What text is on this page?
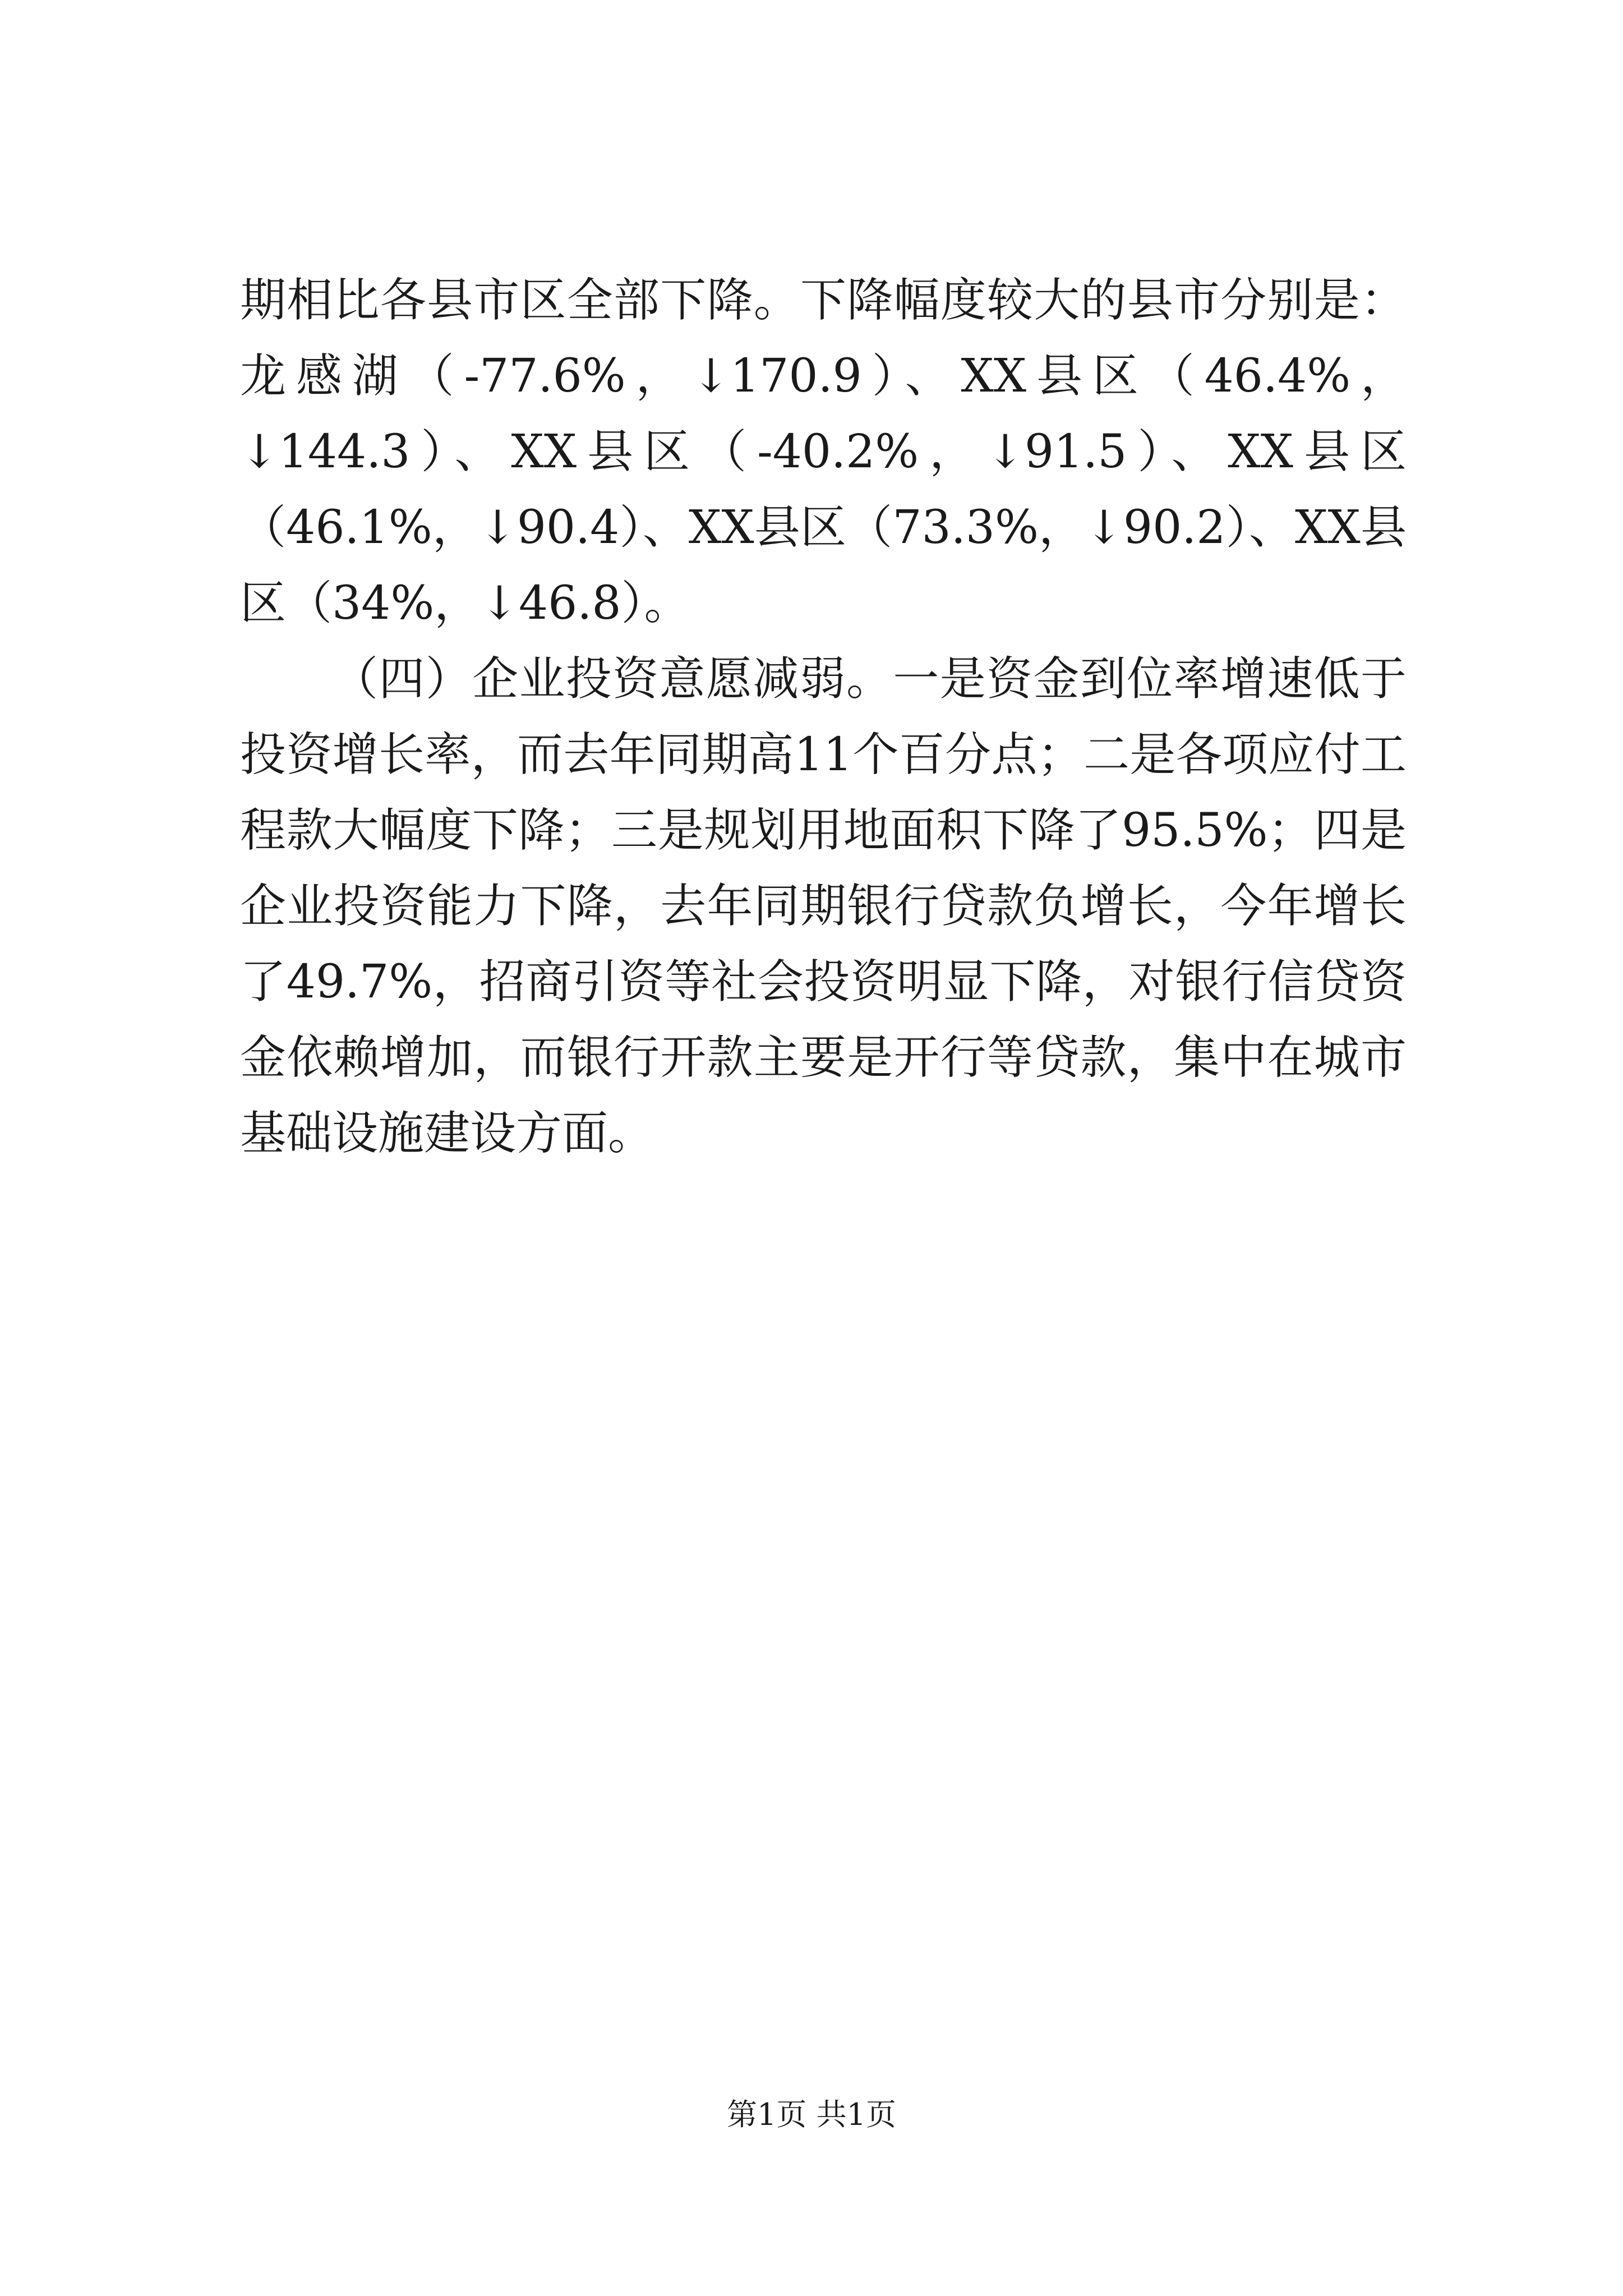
期相比各县市区全部下降。下降幅度较大的县市分别是：龙感湖（-77.6%，↓170.9）、XX县区（46.4%，↓144.3）、XX县区（-40.2%，↓91.5）、XX县区（46.1%，↓90.4）、XX县区（73.3%，↓90.2）、XX县区（34%，↓46.8）。

（四）企业投资意愿减弱。一是资金到位率增速低于投资增长率，而去年同期高11个百分点；二是各项应付工程款大幅度下降；三是规划用地面积下降了95.5%；四是企业投资能力下降，去年同期银行贷款负增长，今年增长了49.7%，招商引资等社会投资明显下降，对银行信贷资金依赖增加，而银行开款主要是开行等贷款，集中在城市基础设施建设方面。

第1页 共1页
